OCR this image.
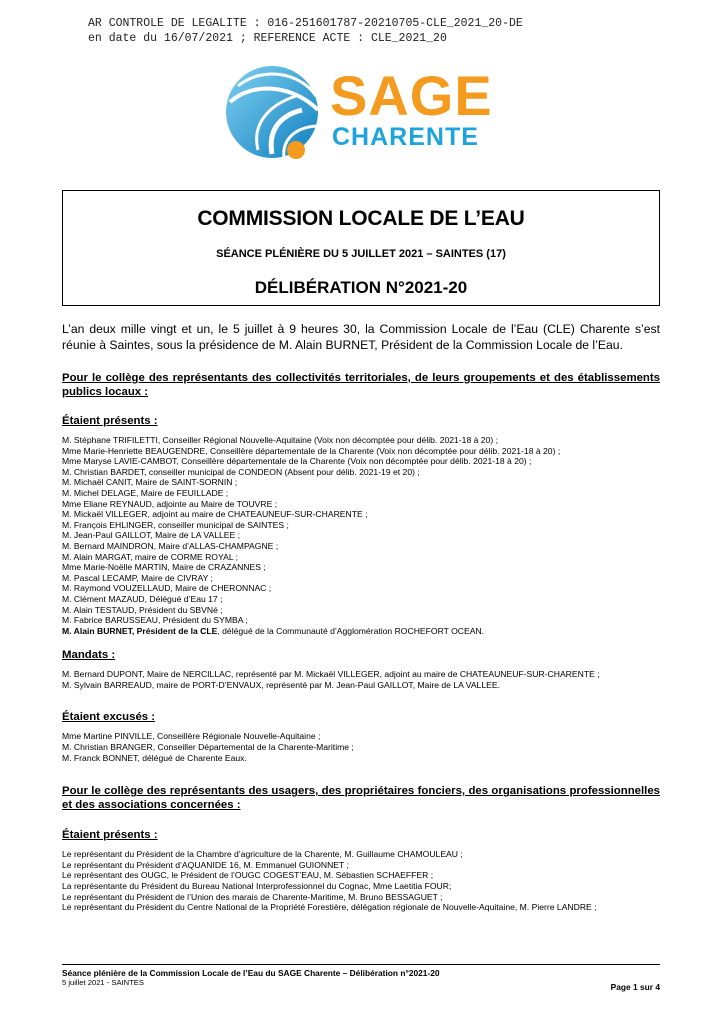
AR CONTROLE DE LEGALITE : 016-251601787-20210705-CLE_2021_20-DE
en date du 16/07/2021 ; REFERENCE ACTE : CLE_2021_20
SAGE
CHARENTE
COMMISSION LOCALE DE L’EAU
SÉANCE PLÉNIÈRE DU 5 JUILLET 2021 – SAINTES (17)
DÉLIBÉRATION N°2021-20

L’an deux mille vingt et un, le 5 juillet à 9 heures 30, la Commission Locale de l’Eau (CLE) Charente s’est réunie à Saintes, sous la présidence de M. Alain BURNET, Président de la Commission Locale de l’Eau.

Pour le collège des représentants des collectivités territoriales, de leurs groupements et des établissements publics locaux :

Étaient présents :

M. Stéphane TRIFILETTI, Conseiller Régional Nouvelle-Aquitaine (Voix non décomptée pour délib. 2021-18 à 20) ;
Mme Marie-Henriette BEAUGENDRE, Conseillère départementale de la Charente (Voix non décomptée pour délib. 2021-18 à 20) ;
Mme Maryse LAVIE-CAMBOT, Conseillère départementale de la Charente (Voix non décomptée pour délib. 2021-18 à 20) ;
M. Christian BARDET, conseiller municipal de CONDEON (Absent pour délib. 2021-19 et 20) ;
M. Michaël CANIT, Maire de SAINT-SORNIN ;
M. Michel DELAGE, Maire de FEUILLADE ;
Mme Eliane REYNAUD, adjointe au Maire de TOUVRE ;
M. Mickaël VILLEGER, adjoint au maire de CHATEAUNEUF-SUR-CHARENTE ;
M. François EHLINGER, conseiller municipal de SAINTES ;
M. Jean-Paul GAILLOT, Maire de LA VALLEE ;
M. Bernard MAINDRON, Maire d’ALLAS-CHAMPAGNE ;
M. Alain MARGAT, maire de CORME ROYAL ;
Mme Marie-Noëlle MARTIN, Maire de CRAZANNES ;
M. Pascal LECAMP, Maire de CIVRAY ;
M. Raymond VOUZELLAUD, Maire de CHERONNAC ;
M. Clément MAZAUD, Délégué d’Eau 17 ;
M. Alain TESTAUD, Président du SBVNé ;
M. Fabrice BARUSSEAU, Président du SYMBA ;
M. Alain BURNET, Président de la CLE, délégué de la Communauté d’Agglomération ROCHEFORT OCEAN.

Mandats :

M. Bernard DUPONT, Maire de NERCILLAC, représenté par M. Mickaël VILLEGER, adjoint au maire de CHATEAUNEUF-SUR-CHARENTE ;
M. Sylvain BARREAUD, maire de PORT-D’ENVAUX, représenté par M. Jean-Paul GAILLOT, Maire de LA VALLEE.

Étaient excusés :

Mme Martine PINVILLE, Conseillère Régionale Nouvelle-Aquitaine ;
M. Christian BRANGER, Conseiller Départemental de la Charente-Maritime ;
M. Franck BONNET, délégué de Charente Eaux.

Pour le collège des représentants des usagers, des propriétaires fonciers, des organisations professionnelles et des associations concernées :

Étaient présents :

Le représentant du Président de la Chambre d’agriculture de la Charente, M. Guillaume CHAMOULEAU ;
Le représentant du Président d’AQUANIDE 16, M. Emmanuel GUIONNET ;
Le représentant des OUGC, le Président de l’OUGC COGEST’EAU, M. Sébastien SCHAEFFER ;
La représentante du Président du Bureau National Interprofessionnel du Cognac, Mme Laetitia FOUR;
Le représentant du Président de l’Union des marais de Charente-Maritime, M. Bruno BESSAGUET ;
Le représentant du Président du Centre National de la Propriété Forestière, délégation régionale de Nouvelle-Aquitaine, M. Pierre LANDRE ;
Séance plénière de la Commission Locale de l’Eau du SAGE Charente – Délibération n°2021-20
5 juillet 2021 - SAINTES	Page 1 sur 4
